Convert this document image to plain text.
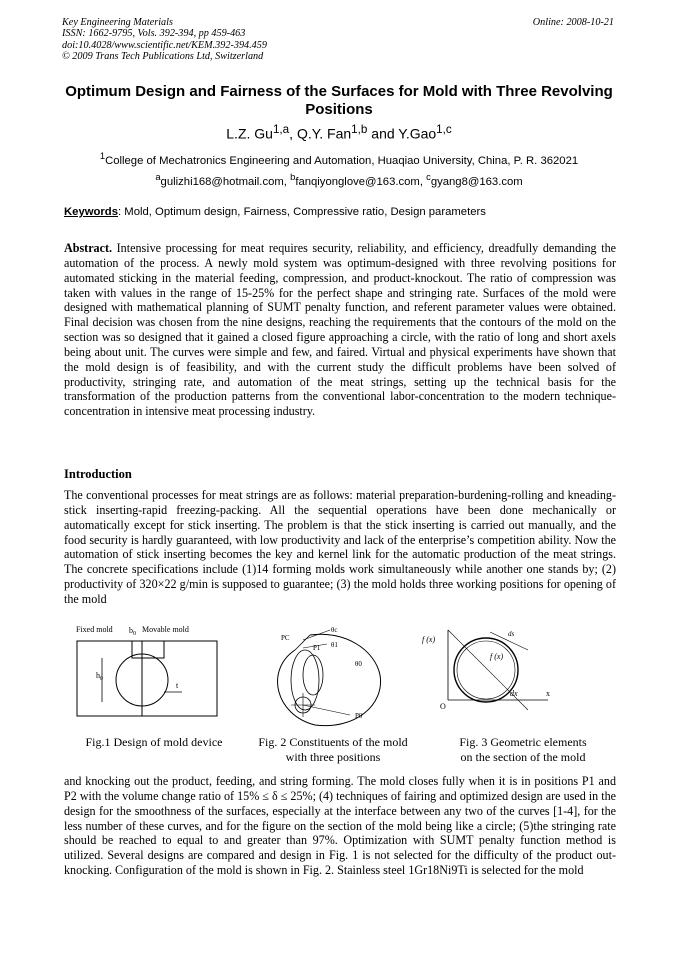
Key Engineering Materials
ISSN: 1662-9795, Vols. 392-394, pp 459-463
doi:10.4028/www.scientific.net/KEM.392-394.459
© 2009 Trans Tech Publications Ltd, Switzerland
Online: 2008-10-21
Optimum Design and Fairness of the Surfaces for Mold with Three Revolving Positions
L.Z. Gu$^{1,a}$, Q.Y. Fan$^{1,b}$ and Y.Gao$^{1,c}$
$^1$College of Mechatronics Engineering and Automation, Huaqiao University, China, P. R. 362021
$^a$gulizhi168@hotmail.com, $^b$fanqiyonglove@163.com, $^c$gyang8@163.com
Keywords: Mold, Optimum design, Fairness, Compressive ratio, Design parameters
Abstract. Intensive processing for meat requires security, reliability, and efficiency, dreadfully demanding the automation of the process. A newly mold system was optimum-designed with three revolving positions for automated sticking in the material feeding, compression, and product-knockout. The ratio of compression was taken with values in the range of 15-25% for the perfect shape and stringing rate. Surfaces of the mold were designed with mathematical planning of SUMT penalty function, and referent parameter values were obtained. Final decision was chosen from the nine designs, reaching the requirements that the contours of the mold on the section was so designed that it gained a closed figure approaching a circle, with the ratio of long and short axels being about unit. The curves were simple and few, and faired. Virtual and physical experiments have shown that the mold design is of feasibility, and with the current study the difficult problems have been solved of productivity, stringing rate, and automation of the meat strings, setting up the technical basis for the transformation of the production patterns from the conventional labor-concentration to the modern technique-concentration in intensive meat processing industry.
Introduction
The conventional processes for meat strings are as follows: material preparation-burdening-rolling and kneading-stick inserting-rapid freezing-packing. All the sequential operations have been done mechanically or automatically except for stick inserting. The problem is that the stick inserting is carried out manually, and the food security is hardly guaranteed, with low productivity and lack of the enterprise’s competition ability. Now the automation of stick inserting becomes the key and kernel link for the automatic production of the meat strings. The concrete specifications include (1)14 forming molds work simultaneously while another one stands by; (2) productivity of 320×22 g/min is supposed to guarantee; (3) the mold holds three working positions for opening of the mold
Fixed mold $b_0$ Movable mold
$h_0$
t
Fig.1 Design of mold device
PC
θc
θ1
P1
θ0
P0
Fig. 2 Constituents of the mold
with three positions
f (x)
f (x)
ds
dx	x
O
Fig. 3 Geometric elements
on the section of the mold
and knocking out the product, feeding, and string forming. The mold closes fully when it is in positions P1 and P2 with the volume change ratio of 15% ≤ δ ≤ 25%; (4) techniques of fairing and optimized design are used in the design for the smoothness of the surfaces, especially at the interface between any two of the curves [1-4], for the less number of these curves, and for the figure on the section of the mold being like a circle; (5)the stringing rate should be reached to equal to and greater than 97%. Optimization with SUMT penalty function method is utilized. Several designs are compared and design in Fig. 1 is not selected for the difficulty of the product out-knocking. Configuration of the mold is shown in Fig. 2. Stainless steel 1Gr18Ni9Ti is selected for the mold
